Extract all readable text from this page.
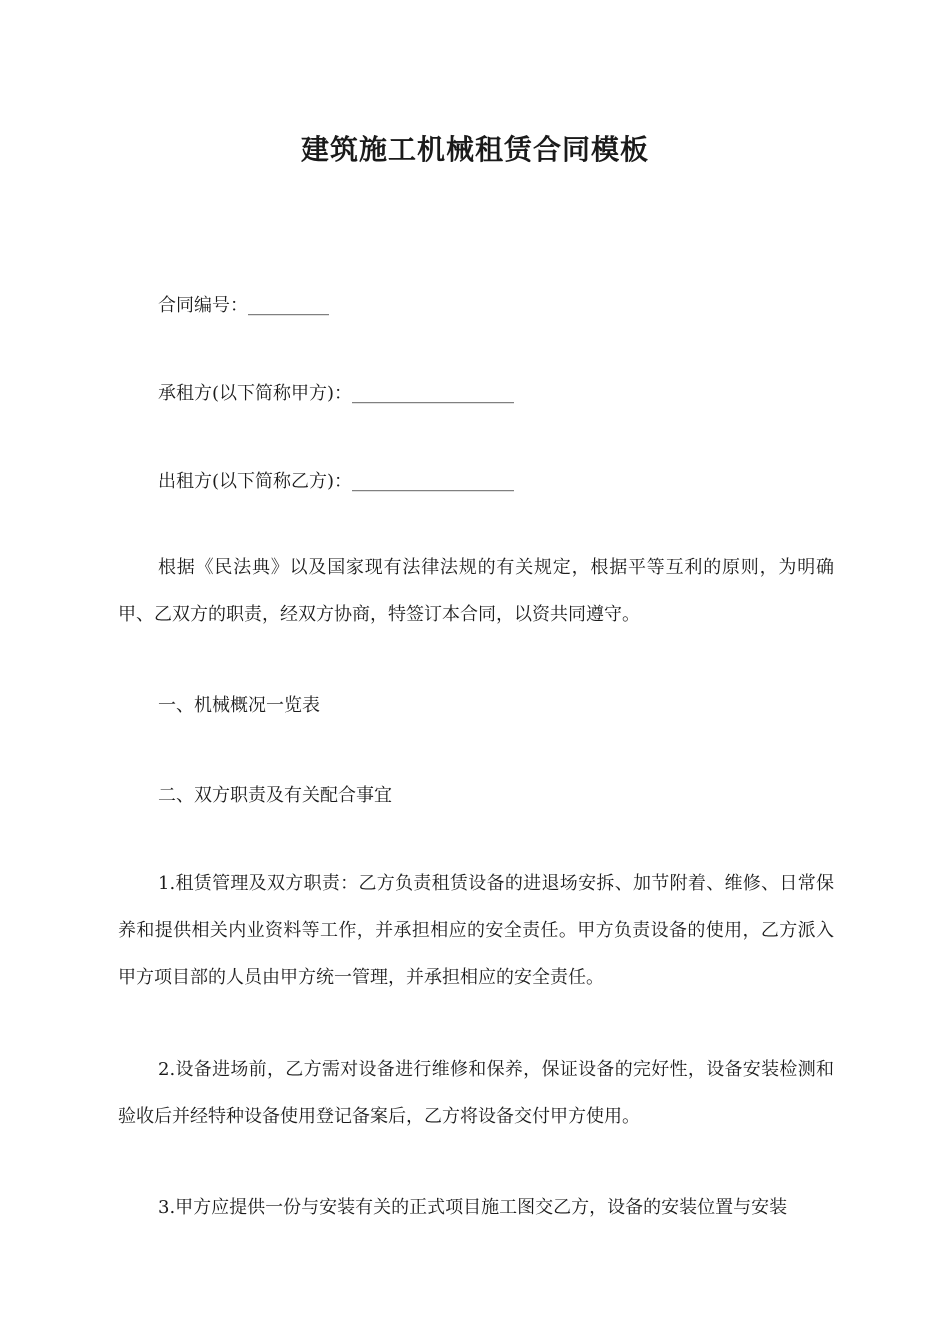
建筑施工机械租赁合同模板
合同编号：_________
承租方(以下简称甲方)：__________________
出租方(以下简称乙方)：__________________

根据《民法典》以及国家现有法律法规的有关规定，根据平等互利的原则，为明确甲、乙双方的职责，经双方协商，特签订本合同，以资共同遵守。

一、机械概况一览表
二、双方职责及有关配合事宜

1.租赁管理及双方职责：乙方负责租赁设备的进退场安拆、加节附着、维修、日常保养和提供相关内业资料等工作，并承担相应的安全责任。甲方负责设备的使用，乙方派入甲方项目部的人员由甲方统一管理，并承担相应的安全责任。

2.设备进场前，乙方需对设备进行维修和保养，保证设备的完好性，设备安装检测和验收后并经特种设备使用登记备案后，乙方将设备交付甲方使用。

3.甲方应提供一份与安装有关的正式项目施工图交乙方，设备的安装位置与安装
